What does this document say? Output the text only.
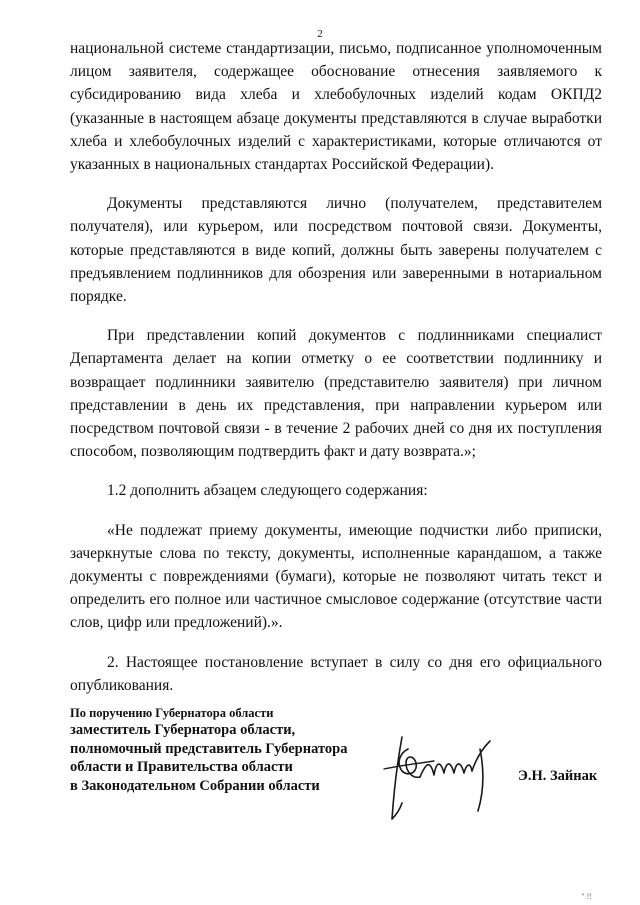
2

национальной системе стандартизации, письмо, подписанное уполномоченным лицом заявителя, содержащее обоснование отнесения заявляемого к субсидированию вида хлеба и хлебобулочных изделий кодам ОКПД2 (указанные в настоящем абзаце документы представляются в случае выработки хлеба и хлебобулочных изделий с характеристиками, которые отличаются от указанных в национальных стандартах Российской Федерации).

Документы представляются лично (получателем, представителем получателя), или курьером, или посредством почтовой связи. Документы, которые представляются в виде копий, должны быть заверены получателем с предъявлением подлинников для обозрения или заверенными в нотариальном порядке.

При представлении копий документов с подлинниками специалист Департамента делает на копии отметку о ее соответствии подлиннику и возвращает подлинники заявителю (представителю заявителя) при личном представлении в день их представления, при направлении курьером или посредством почтовой связи - в течение 2 рабочих дней со дня их поступления способом, позволяющим подтвердить факт и дату возврата.»;

1.2 дополнить абзацем следующего содержания:

«Не подлежат приему документы, имеющие подчистки либо приписки, зачеркнутые слова по тексту, документы, исполненные карандашом, а также документы с повреждениями (бумаги), которые не позволяют читать текст и определить его полное или частичное смысловое содержание (отсутствие части слов, цифр или предложений).».

2. Настоящее постановление вступает в силу со дня его официального опубликования.

По поручению Губернатора области
заместитель Губернатора области,
полномочный представитель Губернатора
области и Правительства области
в Законодательном Собрании области
Э.Н. Зайнак
" !!
